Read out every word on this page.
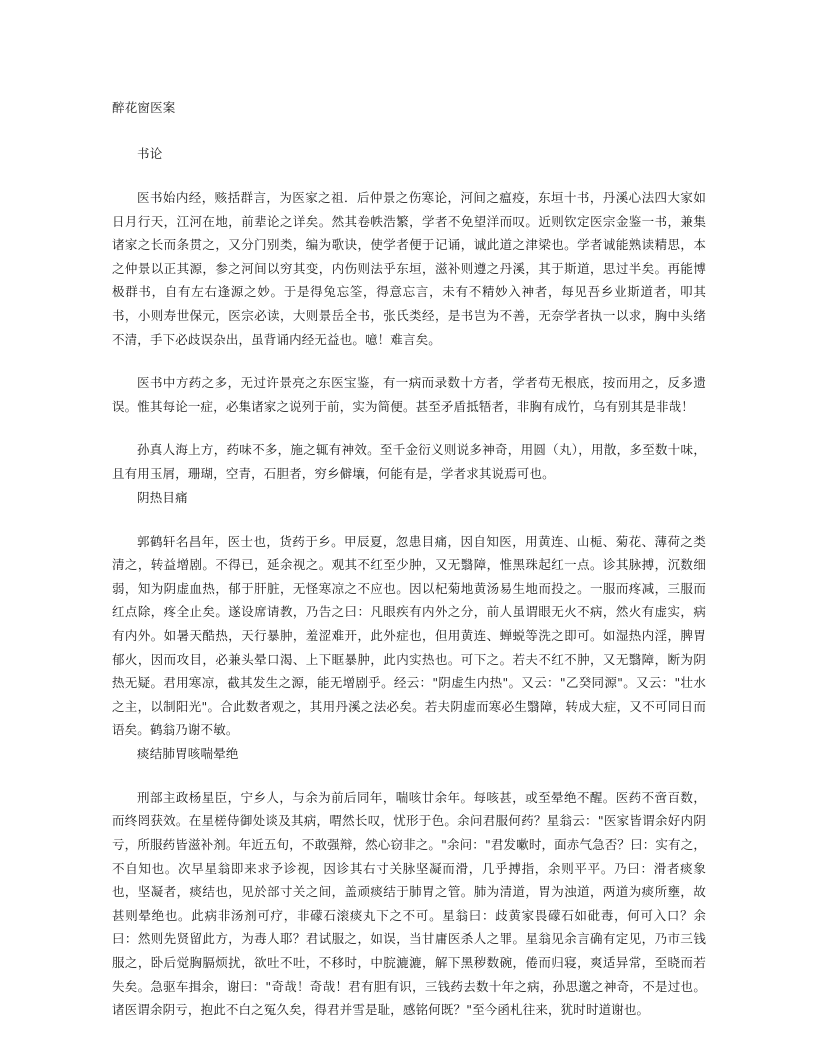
醉花窗医案

书论

医书始内经，赅括群言，为医家之祖．后仲景之伤寒论，河间之瘟疫，东垣十书，丹溪心法四大家如日月行天，江河在地，前辈论之详矣。然其卷帙浩繁，学者不免望洋而叹。近则钦定医宗金鉴一书，兼集诸家之长而条贯之，又分门别类，编为歌诀，使学者便于记诵，诚此道之津梁也。学者诚能熟读精思，本之仲景以正其源，参之河间以穷其变，内伤则法乎东垣，滋补则遵之丹溪，其于斯道，思过半矣。再能博极群书，自有左右逢源之妙。于是得兔忘筌，得意忘言，未有不精妙入神者，每见吾乡业斯道者，叩其书，小则寿世保元，医宗必读，大则景岳全书，张氏类经，是书岂为不善，无奈学者执一以求，胸中头绪不清，手下必歧误杂出，虽背诵内经无益也。噫！难言矣。

医书中方药之多，无过许景亮之东医宝鉴，有一病而录数十方者，学者苟无根底，按而用之，反多遗误。惟其每论一症，必集诸家之说列于前，实为简便。甚至矛盾抵牾者，非胸有成竹，乌有别其是非哉！

孙真人海上方，药味不多，施之辄有神效。至千金衍义则说多神奇，用圆（丸），用散，多至数十味，且有用玉屑，珊瑚，空青，石胆者，穷乡僻壤，何能有是，学者求其说焉可也。

阴热目痛

郭鹤轩名昌年，医士也，货药于乡。甲辰夏，忽患目痛，因自知医，用黄连、山栀、菊花、薄荷之类清之，转益增剧。不得已，延余视之。观其不红至少肿，又无翳障，惟黑珠起红一点。诊其脉搏，沉数细弱，知为阴虚血热，郁于肝脏，无怪寒凉之不应也。因以杞菊地黄汤易生地而投之。一服而疼减，三服而红点除，疼全止矣。遂设席请教，乃告之曰：凡眼疾有内外之分，前人虽谓眼无火不病，然火有虚实，病有内外。如暑天酷热，天行暴肿，羞涩难开，此外症也，但用黄连、蝉蜕等洗之即可。如湿热内淫，脾胃郁火，因而攻目，必兼头晕口渴、上下眶暴肿，此内实热也。可下之。若夫不红不肿，又无翳障，断为阴热无疑。君用寒凉，截其发生之源，能无增剧乎。经云："阴虚生内热"。又云："乙癸同源"。又云："壮水之主，以制阳光"。合此数者观之，其用丹溪之法必矣。若夫阴虚而寒必生翳障，转成大症，又不可同日而语矣。鹤翁乃谢不敏。

痰结肺胃咳喘晕绝

刑部主政杨星臣，宁乡人，与余为前后同年，喘咳廿余年。每咳甚，或至晕绝不醒。医药不啻百数，而终罔获效。在星槎侍御处谈及其病，喟然长叹，忧形于色。余问君服何药？星翁云："医家皆谓余好内阴亏，所服药皆滋补剂。年近五旬，不敢强辩，然心窃非之。"余问："君发嗽时，面赤气急否？曰：实有之，不自知也。次早星翁即来求予诊视，因诊其右寸关脉坚凝而滑，几乎搏指，余则平平。乃曰：滑者痰象也，坚凝者，痰结也，见於部寸关之间，盖顽痰结于肺胃之管。肺为清道，胃为浊道，两道为痰所壅，故甚则晕绝也。此病非汤剂可疗，非礞石滚痰丸下之不可。星翁曰：歧黄家畏礞石如砒毒，何可入口？余曰：然则先贤留此方，为毒人耶？君试服之，如误，当甘庸医杀人之罪。星翁见余言确有定见，乃市三钱服之，卧后觉胸膈烦扰，欲吐不吐，不移时，中脘漉漉，解下黑秽数碗，倦而归寝，爽适异常，至晓而若失矣。急驱车揖余，谢曰："奇哉！奇哉！君有胆有识，三钱药去数十年之病，孙思邈之神奇，不是过也。诸医谓余阴亏，抱此不白之冤久矣，得君并雪是耻，感铭何既？"至今函札往来，犹时时道谢也。
